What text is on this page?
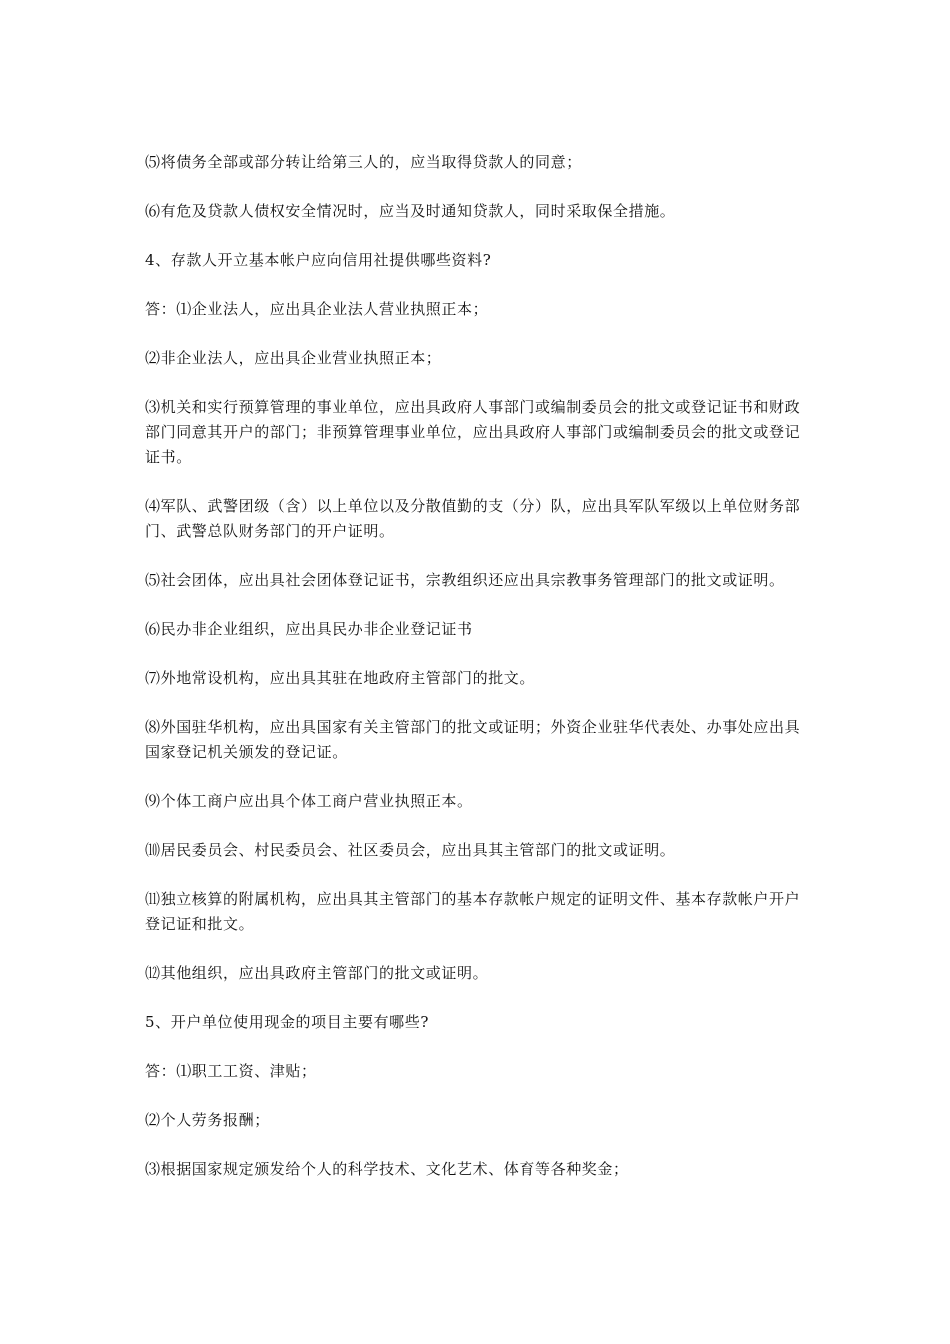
⑸将债务全部或部分转让给第三人的，应当取得贷款人的同意；

⑹有危及贷款人债权安全情况时，应当及时通知贷款人，同时采取保全措施。

4、存款人开立基本帐户应向信用社提供哪些资料?

答：⑴企业法人，应出具企业法人营业执照正本；

⑵非企业法人，应出具企业营业执照正本；

⑶机关和实行预算管理的事业单位，应出具政府人事部门或编制委员会的批文或登记证书和财政部门同意其开户的部门；非预算管理事业单位，应出具政府人事部门或编制委员会的批文或登记证书。

⑷军队、武警团级（含）以上单位以及分散值勤的支（分）队，应出具军队军级以上单位财务部门、武警总队财务部门的开户证明。

⑸社会团体，应出具社会团体登记证书，宗教组织还应出具宗教事务管理部门的批文或证明。

⑹民办非企业组织，应出具民办非企业登记证书

⑺外地常设机构，应出具其驻在地政府主管部门的批文。

⑻外国驻华机构，应出具国家有关主管部门的批文或证明；外资企业驻华代表处、办事处应出具国家登记机关颁发的登记证。

⑼个体工商户应出具个体工商户营业执照正本。

⑽居民委员会、村民委员会、社区委员会，应出具其主管部门的批文或证明。

⑾独立核算的附属机构，应出具其主管部门的基本存款帐户规定的证明文件、基本存款帐户开户登记证和批文。

⑿其他组织，应出具政府主管部门的批文或证明。

5、开户单位使用现金的项目主要有哪些?

答：⑴职工工资、津贴；

⑵个人劳务报酬；

⑶根据国家规定颁发给个人的科学技术、文化艺术、体育等各种奖金；
